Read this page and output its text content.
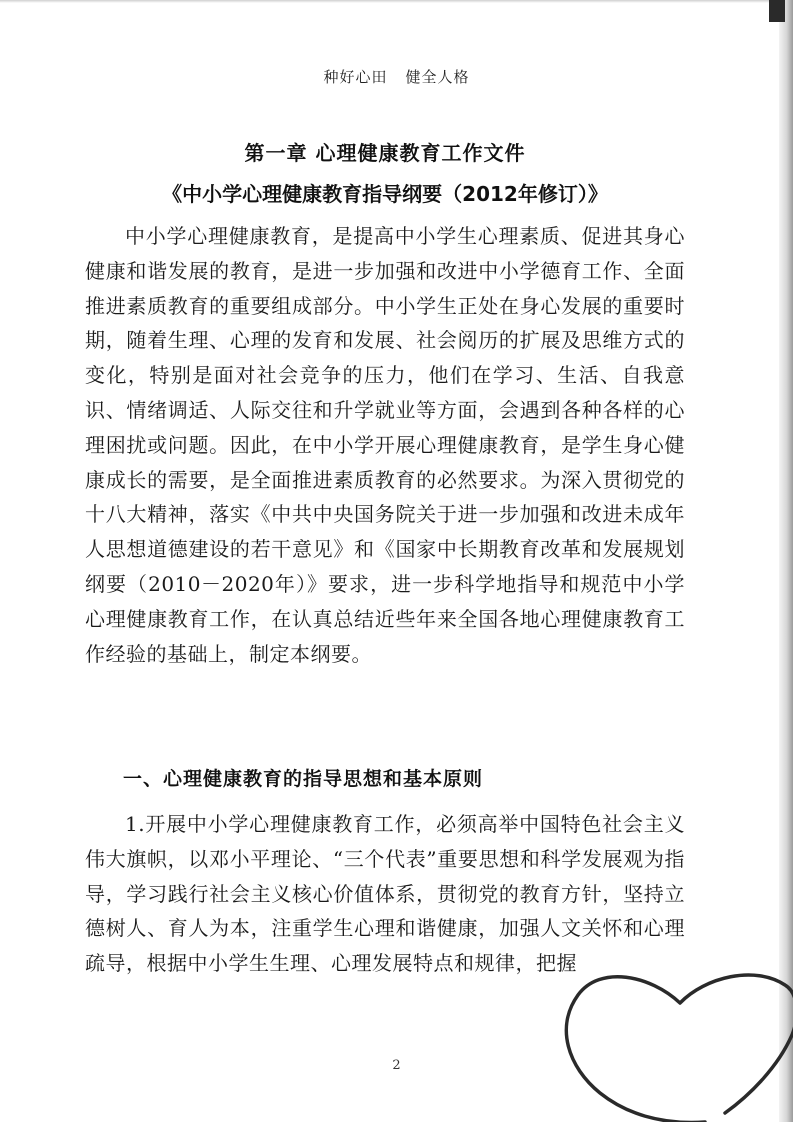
种好心田 健全人格
第一章 心理健康教育工作文件
《中小学心理健康教育指导纲要（2012年修订）》

中小学心理健康教育，是提高中小学生心理素质、促进其身心健康和谐发展的教育，是进一步加强和改进中小学德育工作、全面推进素质教育的重要组成部分。中小学生正处在身心发展的重要时期，随着生理、心理的发育和发展、社会阅历的扩展及思维方式的变化，特别是面对社会竞争的压力，他们在学习、生活、自我意识、情绪调适、人际交往和升学就业等方面，会遇到各种各样的心理困扰或问题。因此，在中小学开展心理健康教育，是学生身心健康成长的需要，是全面推进素质教育的必然要求。为深入贯彻党的十八大精神，落实《中共中央国务院关于进一步加强和改进未成年人思想道德建设的若干意见》和《国家中长期教育改革和发展规划纲要（2010－2020年）》要求，进一步科学地指导和规范中小学心理健康教育工作，在认真总结近些年来全国各地心理健康教育工作经验的基础上，制定本纲要。

一、心理健康教育的指导思想和基本原则

1.开展中小学心理健康教育工作，必须高举中国特色社会主义伟大旗帜，以邓小平理论、“三个代表”重要思想和科学发展观为指导，学习践行社会主义核心价值体系，贯彻党的教育方针，坚持立德树人、育人为本，注重学生心理和谐健康，加强人文关怀和心理疏导，根据中小学生生理、心理发展特点和规律，把握

2
